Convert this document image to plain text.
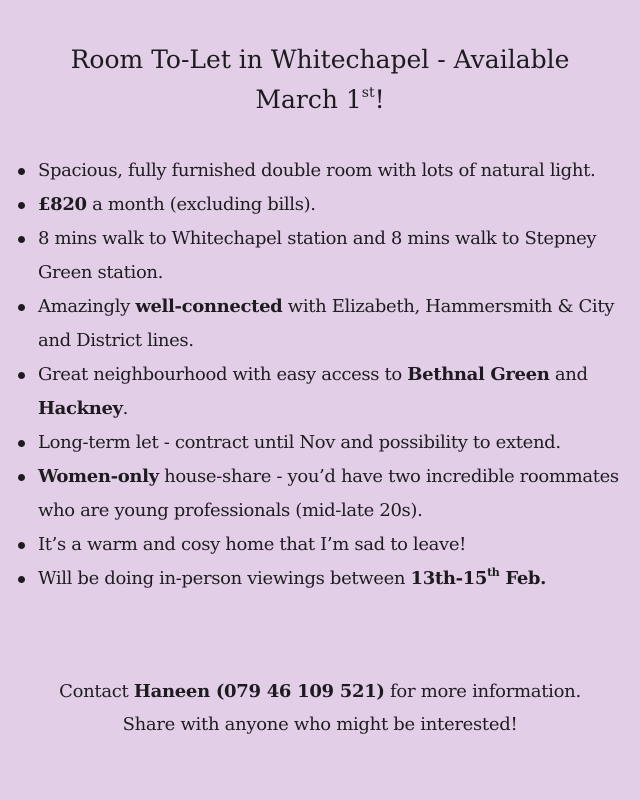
Room To-Let in Whitechapel - Available
March 1st!
Spacious, fully furnished double room with lots of natural light.
£820 a month (excluding bills).
8 mins walk to Whitechapel station and 8 mins walk to Stepney Green station.
Amazingly well-connected with Elizabeth, Hammersmith & City and District lines.
Great neighbourhood with easy access to Bethnal Green and Hackney.
Long-term let - contract until Nov and possibility to extend.
Women-only house-share - you’d have two incredible roommates who are young professionals (mid-late 20s).
It’s a warm and cosy home that I’m sad to leave!
Will be doing in-person viewings between 13th-15th Feb.

Contact Haneen (079 46 109 521) for more information.

Share with anyone who might be interested!
